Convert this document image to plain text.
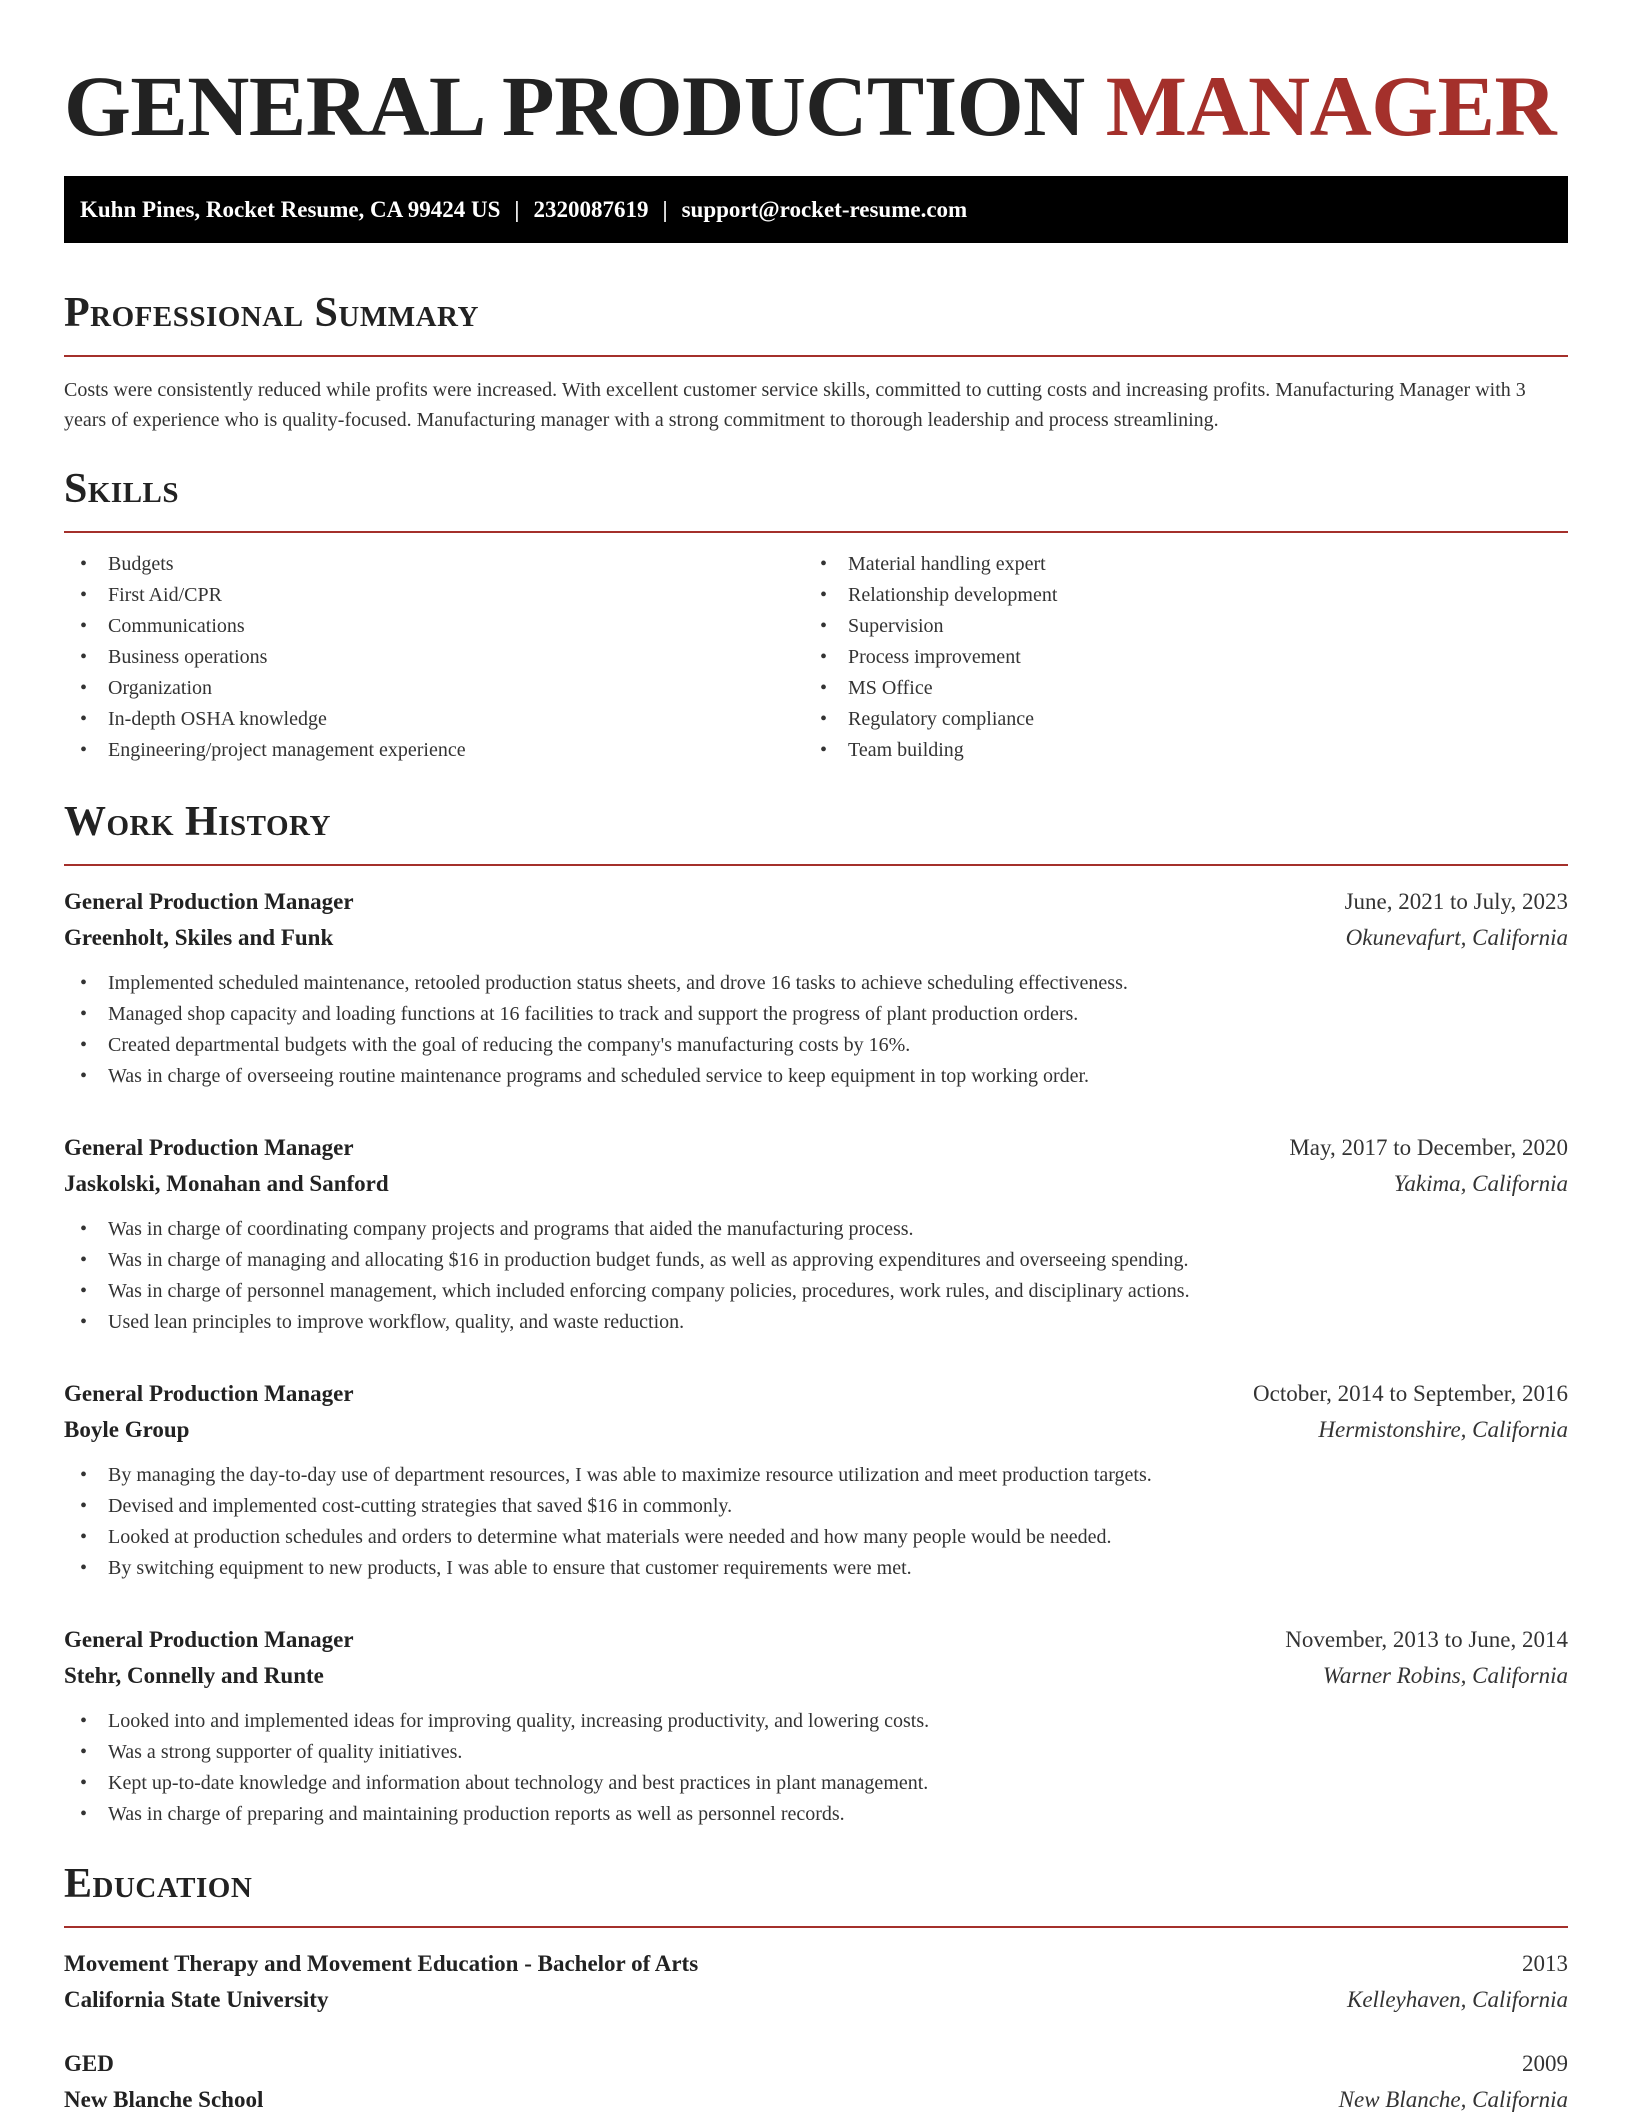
GENERAL PRODUCTION MANAGER
Kuhn Pines, Rocket Resume, CA 99424 US | 2320087619 | support@rocket-resume.com
Professional Summary

Costs were consistently reduced while profits were increased. With excellent customer service skills, committed to cutting costs and increasing profits. Manufacturing Manager with 3 years of experience who is quality-focused. Manufacturing manager with a strong commitment to thorough leadership and process streamlining.

Skills
• Budgets
• First Aid/CPR
• Communications
• Business operations
• Organization
• In-depth OSHA knowledge
• Engineering/project management experience
• Material handling expert
• Relationship development
• Supervision
• Process improvement
• MS Office
• Regulatory compliance
• Team building
Work History
General Production Manager	June, 2021 to July, 2023
Greenholt, Skiles and Funk	Okunevafurt, California
• Implemented scheduled maintenance, retooled production status sheets, and drove 16 tasks to achieve scheduling effectiveness.
• Managed shop capacity and loading functions at 16 facilities to track and support the progress of plant production orders.
• Created departmental budgets with the goal of reducing the company's manufacturing costs by 16%.
• Was in charge of overseeing routine maintenance programs and scheduled service to keep equipment in top working order.
General Production Manager	May, 2017 to December, 2020
Jaskolski, Monahan and Sanford	Yakima, California
• Was in charge of coordinating company projects and programs that aided the manufacturing process.
• Was in charge of managing and allocating $16 in production budget funds, as well as approving expenditures and overseeing spending.
• Was in charge of personnel management, which included enforcing company policies, procedures, work rules, and disciplinary actions.
• Used lean principles to improve workflow, quality, and waste reduction.
General Production Manager	October, 2014 to September, 2016
Boyle Group	Hermistonshire, California
• By managing the day-to-day use of department resources, I was able to maximize resource utilization and meet production targets.
• Devised and implemented cost-cutting strategies that saved $16 in commonly.
• Looked at production schedules and orders to determine what materials were needed and how many people would be needed.
• By switching equipment to new products, I was able to ensure that customer requirements were met.
General Production Manager	November, 2013 to June, 2014
Stehr, Connelly and Runte	Warner Robins, California
• Looked into and implemented ideas for improving quality, increasing productivity, and lowering costs.
• Was a strong supporter of quality initiatives.
• Kept up-to-date knowledge and information about technology and best practices in plant management.
• Was in charge of preparing and maintaining production reports as well as personnel records.
Education
Movement Therapy and Movement Education - Bachelor of Arts	2013
California State University	Kelleyhaven, California
GED	2009
New Blanche School	New Blanche, California
